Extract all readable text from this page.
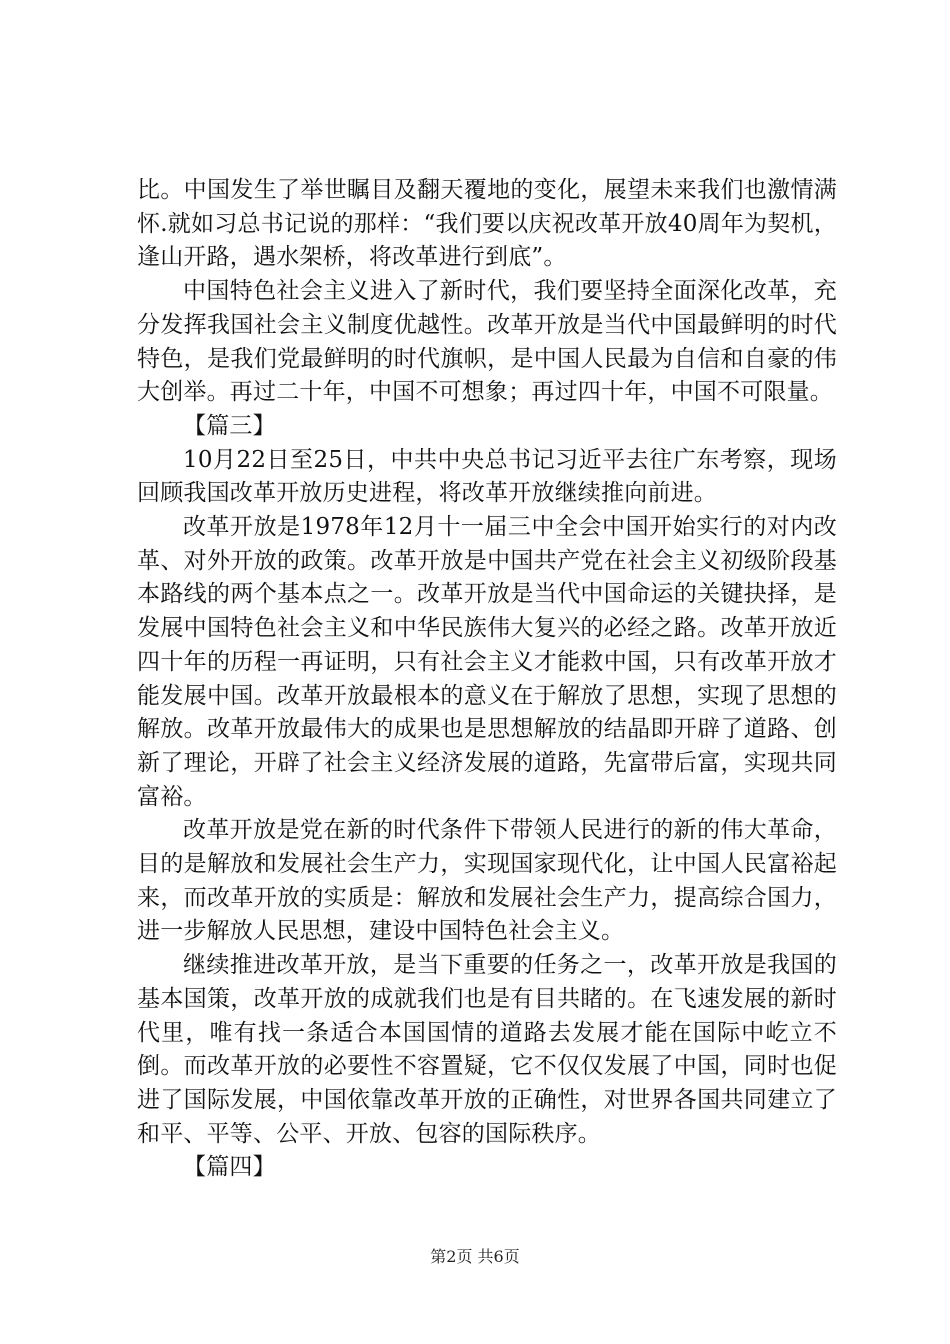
比。中国发生了举世瞩目及翻天覆地的变化，展望未来我们也激情满怀.就如习总书记说的那样：“我们要以庆祝改革开放40周年为契机，逢山开路，遇水架桥，将改革进行到底”。

中国特色社会主义进入了新时代，我们要坚持全面深化改革，充分发挥我国社会主义制度优越性。改革开放是当代中国最鲜明的时代特色，是我们党最鲜明的时代旗帜，是中国人民最为自信和自豪的伟大创举。再过二十年，中国不可想象；再过四十年，中国不可限量。

【篇三】

10月22日至25日，中共中央总书记习近平去往广东考察，现场回顾我国改革开放历史进程，将改革开放继续推向前进。

改革开放是1978年12月十一届三中全会中国开始实行的对内改革、对外开放的政策。改革开放是中国共产党在社会主义初级阶段基本路线的两个基本点之一。改革开放是当代中国命运的关键抉择，是发展中国特色社会主义和中华民族伟大复兴的必经之路。改革开放近四十年的历程一再证明，只有社会主义才能救中国，只有改革开放才能发展中国。改革开放最根本的意义在于解放了思想，实现了思想的解放。改革开放最伟大的成果也是思想解放的结晶即开辟了道路、创新了理论，开辟了社会主义经济发展的道路，先富带后富，实现共同富裕。

改革开放是党在新的时代条件下带领人民进行的新的伟大革命，目的是解放和发展社会生产力，实现国家现代化，让中国人民富裕起来，而改革开放的实质是：解放和发展社会生产力，提高综合国力，进一步解放人民思想，建设中国特色社会主义。

继续推进改革开放，是当下重要的任务之一，改革开放是我国的基本国策，改革开放的成就我们也是有目共睹的。在飞速发展的新时代里，唯有找一条适合本国国情的道路去发展才能在国际中屹立不倒。而改革开放的必要性不容置疑，它不仅仅发展了中国，同时也促进了国际发展，中国依靠改革开放的正确性，对世界各国共同建立了和平、平等、公平、开放、包容的国际秩序。

【篇四】

第2页 共6页
